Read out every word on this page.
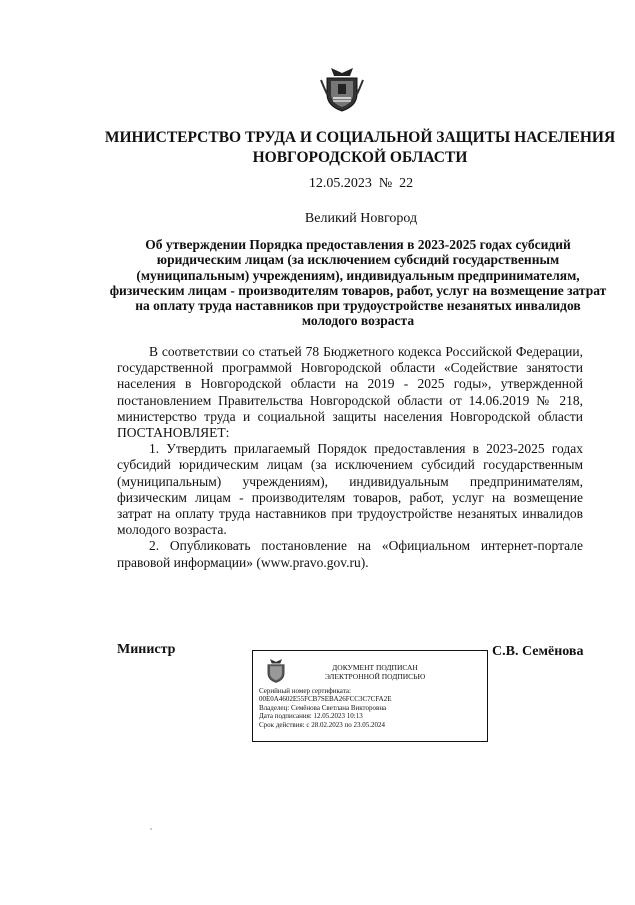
МИНИСТЕРСТВО ТРУДА И СОЦИАЛЬНОЙ ЗАЩИТЫ НАСЕЛЕНИЯ
НОВГОРОДСКОЙ ОБЛАСТИ
12.05.2023  №  22
Великий Новгород
Об утверждении Порядка предоставления в 2023-2025 годах субсидий юридическим лицам (за исключением субсидий государственным (муниципальным) учреждениям), индивидуальным предпринимателям, физическим лицам - производителям товаров, работ, услуг на возмещение затрат на оплату труда наставников при трудоустройстве незанятых инвалидов молодого возраста

В соответствии со статьей 78 Бюджетного кодекса Российской Федерации, государственной программой Новгородской области «Содействие занятости населения в Новгородской области на 2019 - 2025 годы», утвержденной постановлением Правительства Новгородской области от 14.06.2019 № 218, министерство труда и социальной защиты населения Новгородской области ПОСТАНОВЛЯЕТ:

1. Утвердить прилагаемый Порядок предоставления в 2023-2025 годах субсидий юридическим лицам (за исключением субсидий государственным (муниципальным) учреждениям), индивидуальным предпринимателям, физическим лицам - производителям товаров, работ, услуг на возмещение затрат на оплату труда наставников при трудоустройстве незанятых инвалидов молодого возраста.

2. Опубликовать постановление на «Официальном интернет-портале правовой информации» (www.pravo.gov.ru).

Министр	С.В. Семёнова
ДОКУМЕНТ ПОДПИСАН
ЭЛЕКТРОННОЙ ПОДПИСЬЮ
Серийный номер сертификата:
00E0A4602E55FCB7SEBA26FCC3C7CFA2E
Владелец: Семёнова Светлана Викторовна
Дата подписания: 12.05.2023 10:13
Срок действия: с 28.02.2023 по 23.05.2024
